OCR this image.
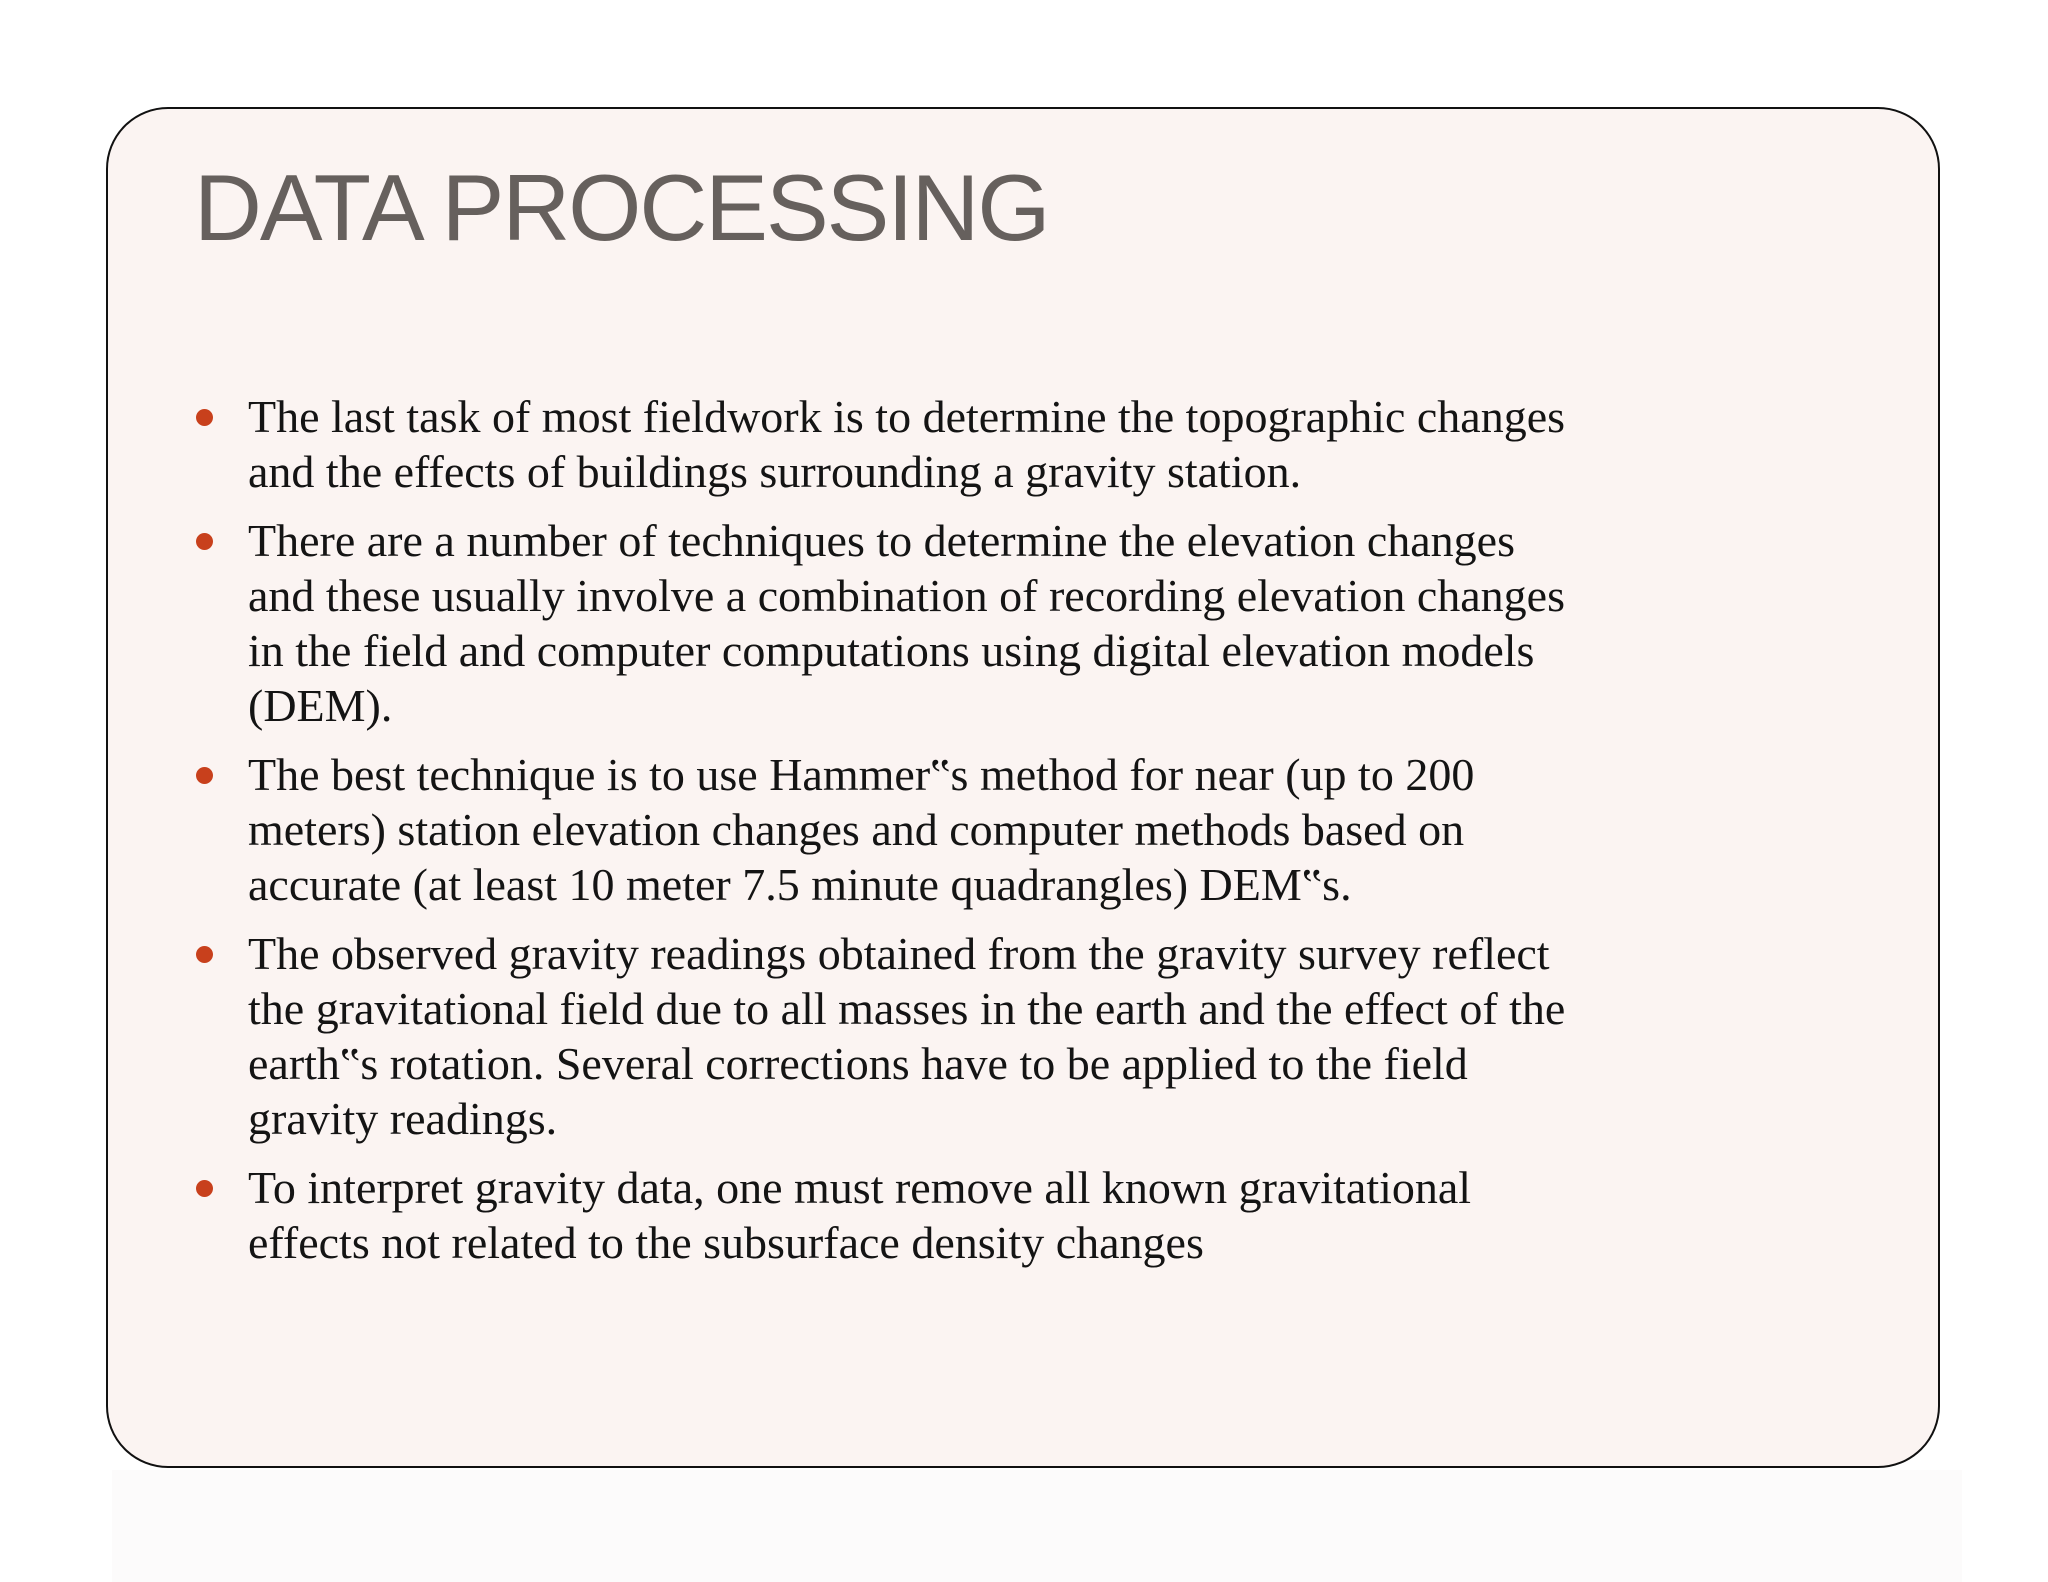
DATA PROCESSING
The last task of most fieldwork is to determine the topographic changes
and the effects of buildings surrounding a gravity station.
There are a number of techniques to determine the elevation changes
and these usually involve a combination of recording elevation changes
in the field and computer computations using digital elevation models
(DEM).
The best technique is to use Hammer‟s method for near (up to 200
meters) station elevation changes and computer methods based on
accurate (at least 10 meter 7.5 minute quadrangles) DEM‟s.
The observed gravity readings obtained from the gravity survey reflect
the gravitational field due to all masses in the earth and the effect of the
earth‟s rotation. Several corrections have to be applied to the field
gravity readings.
To interpret gravity data, one must remove all known gravitational
effects not related to the subsurface density changes
